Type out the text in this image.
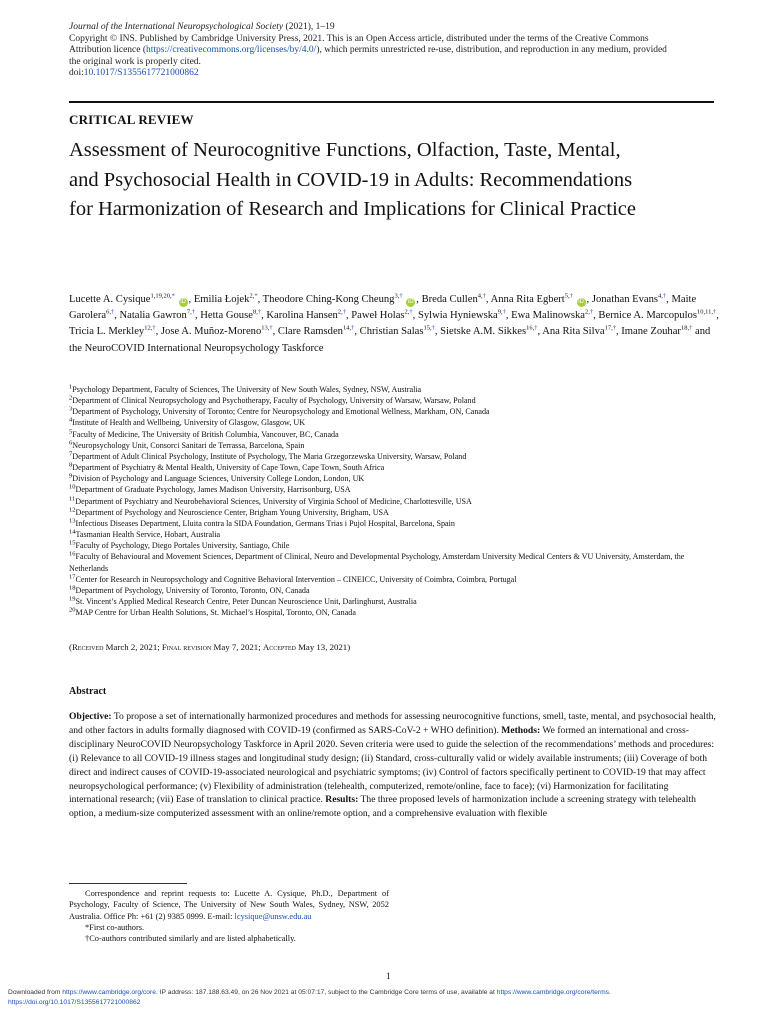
Journal of the International Neuropsychological Society (2021), 1–19
Copyright © INS. Published by Cambridge University Press, 2021. This is an Open Access article, distributed under the terms of the Creative Commons
Attribution licence (https://creativecommons.org/licenses/by/4.0/), which permits unrestricted re-use, distribution, and reproduction in any medium, provided
the original work is properly cited.
doi:10.1017/S1355617721000862
CRITICAL REVIEW
Assessment of Neurocognitive Functions, Olfaction, Taste, Mental,
and Psychosocial Health in COVID-19 in Adults: Recommendations
for Harmonization of Research and Implications for Clinical Practice
Lucette A. Cysique$^{1,19,20,*}$ iD , Emilia Łojek$^{2,*}$, Theodore Ching-Kong Cheung$^{3,\dagger}$ iD , Breda Cullen$^{4,\dagger}$, Anna Rita Egbert$^{5,\dagger}$ iD , Jonathan Evans$^{4,\dagger}$, Maite Garolera$^{6,\dagger}$, Natalia Gawron$^{7,\dagger}$, Hetta Gouse$^{8,\dagger}$, Karolina Hansen$^{2,\dagger}$, Paweł Holas$^{2,\dagger}$, Sylwia Hyniewska$^{9,\dagger}$, Ewa Malinowska$^{2,\dagger}$, Bernice A. Marcopulos$^{10,11,\dagger}$, Tricia L. Merkley$^{12,\dagger}$, Jose A. Muñoz-Moreno$^{13,\dagger}$, Clare Ramsden$^{14,\dagger}$, Christian Salas$^{15,\dagger}$, Sietske A.M. Sikkes$^{16,\dagger}$, Ana Rita Silva$^{17,\dagger}$, Imane Zouhar$^{18,\dagger}$ and the NeuroCOVID International Neuropsychology Taskforce
$^1$Psychology Department, Faculty of Sciences, The University of New South Wales, Sydney, NSW, Australia
$^2$Department of Clinical Neuropsychology and Psychotherapy, Faculty of Psychology, University of Warsaw, Warsaw, Poland
$^3$Department of Psychology, University of Toronto; Centre for Neuropsychology and Emotional Wellness, Markham, ON, Canada
$^4$Institute of Health and Wellbeing, University of Glasgow, Glasgow, UK
$^5$Faculty of Medicine, The University of British Columbia, Vancouver, BC, Canada
$^6$Neuropsychology Unit, Consorci Sanitari de Terrassa, Barcelona, Spain
$^7$Department of Adult Clinical Psychology, Institute of Psychology, The Maria Grzegorzewska University, Warsaw, Poland
$^8$Department of Psychiatry & Mental Health, University of Cape Town, Cape Town, South Africa
$^9$Division of Psychology and Language Sciences, University College London, London, UK
$^{10}$Department of Graduate Psychology, James Madison University, Harrisonburg, USA
$^{11}$Department of Psychiatry and Neurobehavioral Sciences, University of Virginia School of Medicine, Charlottesville, USA
$^{12}$Department of Psychology and Neuroscience Center, Brigham Young University, Brigham, USA
$^{13}$Infectious Diseases Department, Lluita contra la SIDA Foundation, Germans Trias i Pujol Hospital, Barcelona, Spain
$^{14}$Tasmanian Health Service, Hobart, Australia
$^{15}$Faculty of Psychology, Diego Portales University, Santiago, Chile
$^{16}$Faculty of Behavioural and Movement Sciences, Department of Clinical, Neuro and Developmental Psychology, Amsterdam University Medical Centers & VU University, Amsterdam, the Netherlands
$^{17}$Center for Research in Neuropsychology and Cognitive Behavioral Intervention – CINEICC, University of Coimbra, Coimbra, Portugal
$^{18}$Department of Psychology, University of Toronto, Toronto, ON, Canada
$^{19}$St. Vincent’s Applied Medical Research Centre, Peter Duncan Neuroscience Unit, Darlinghurst, Australia
$^{20}$MAP Centre for Urban Health Solutions, St. Michael’s Hospital, Toronto, ON, Canada
(Received March 2, 2021; Final revision May 7, 2021; Accepted May 13, 2021)
Abstract
Objective: To propose a set of internationally harmonized procedures and methods for assessing neurocognitive functions, smell, taste, mental, and psychosocial health, and other factors in adults formally diagnosed with COVID-19 (confirmed as SARS-CoV-2 + WHO definition). Methods: We formed an international and cross-disciplinary NeuroCOVID Neuropsychology Taskforce in April 2020. Seven criteria were used to guide the selection of the recommendations’ methods and procedures: (i) Relevance to all COVID-19 illness stages and longitudinal study design; (ii) Standard, cross-culturally valid or widely available instruments; (iii) Coverage of both direct and indirect causes of COVID-19-associated neurological and psychiatric symptoms; (iv) Control of factors specifically pertinent to COVID-19 that may affect neuropsychological performance; (v) Flexibility of administration (telehealth, computerized, remote/online, face to face); (vi) Harmonization for facilitating international research; (vii) Ease of translation to clinical practice. Results: The three proposed levels of harmonization include a screening strategy with telehealth option, a medium-size computerized assessment with an online/remote option, and a comprehensive evaluation with flexible
Correspondence and reprint requests to: Lucette A. Cysique, Ph.D., Department of Psychology, Faculty of Science, The University of New South Wales, Sydney, NSW, 2052 Australia. Office Ph: +61 (2) 9385 0999. E-mail: lcysique@unsw.edu.au
*First co-authors.
†Co-authors contributed similarly and are listed alphabetically.
1
Downloaded from https://www.cambridge.org/core. IP address: 187.188.63.49, on 26 Nov 2021 at 05:07:17, subject to the Cambridge Core terms of use, available at https://www.cambridge.org/core/terms.
https://doi.org/10.1017/S1355617721000862
